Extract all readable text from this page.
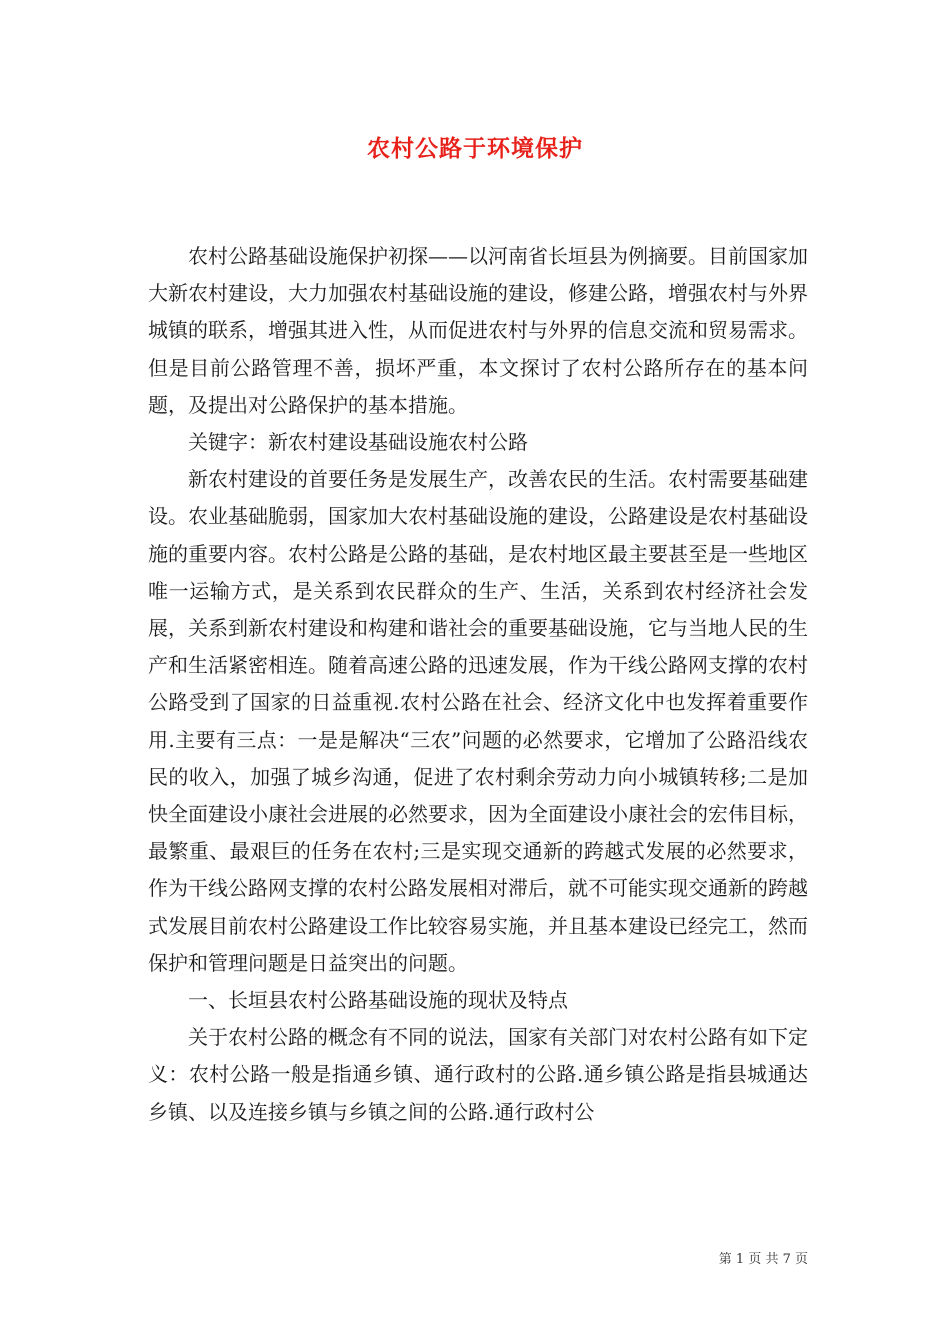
农村公路于环境保护

农村公路基础设施保护初探——以河南省长垣县为例摘要。目前国家加大新农村建设，大力加强农村基础设施的建设，修建公路，增强农村与外界城镇的联系，增强其进入性，从而促进农村与外界的信息交流和贸易需求。但是目前公路管理不善，损坏严重，本文探讨了农村公路所存在的基本问题，及提出对公路保护的基本措施。

关键字：新农村建设基础设施农村公路

新农村建设的首要任务是发展生产，改善农民的生活。农村需要基础建设。农业基础脆弱，国家加大农村基础设施的建设，公路建设是农村基础设施的重要内容。农村公路是公路的基础，是农村地区最主要甚至是一些地区唯一运输方式，是关系到农民群众的生产、生活，关系到农村经济社会发展，关系到新农村建设和构建和谐社会的重要基础设施，它与当地人民的生产和生活紧密相连。随着高速公路的迅速发展，作为干线公路网支撑的农村公路受到了国家的日益重视.农村公路在社会、经济文化中也发挥着重要作用.主要有三点：一是是解决“三农”问题的必然要求，它增加了公路沿线农民的收入，加强了城乡沟通，促进了农村剩余劳动力向小城镇转移;二是加快全面建设小康社会进展的必然要求，因为全面建设小康社会的宏伟目标，最繁重、最艰巨的任务在农村;三是实现交通新的跨越式发展的必然要求，作为干线公路网支撑的农村公路发展相对滞后，就不可能实现交通新的跨越式发展目前农村公路建设工作比较容易实施，并且基本建设已经完工，然而保护和管理问题是日益突出的问题。

一、长垣县农村公路基础设施的现状及特点

关于农村公路的概念有不同的说法，国家有关部门对农村公路有如下定义：农村公路一般是指通乡镇、通行政村的公路.通乡镇公路是指县城通达乡镇、以及连接乡镇与乡镇之间的公路.通行政村公

第 1 页 共 7 页
